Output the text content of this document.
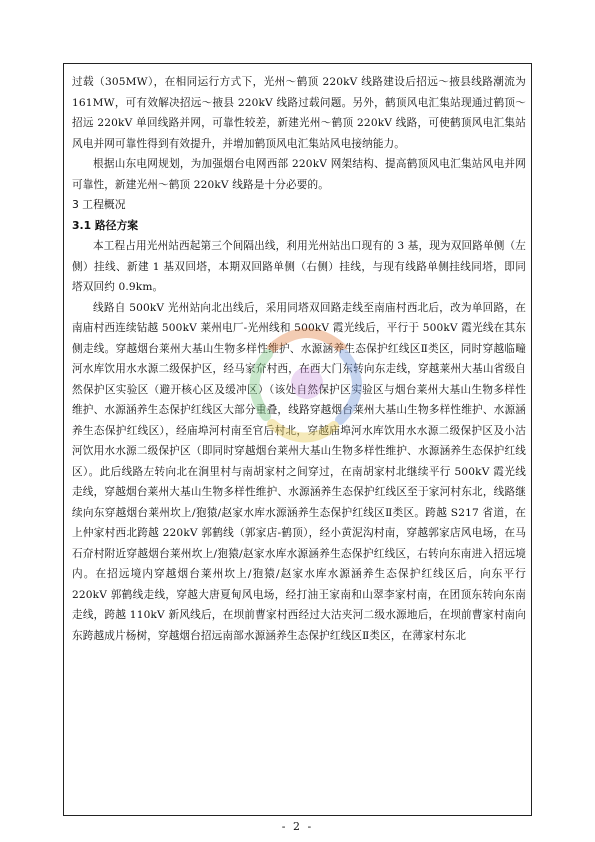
过载（305MW），在相同运行方式下，光州～鹤顶 220kV 线路建设后招远～掖县线路潮流为 161MW，可有效解决招远～掖县 220kV 线路过载问题。另外，鹤顶风电汇集站现通过鹤顶～招远 220kV 单回线路并网，可靠性较差，新建光州～鹤顶 220kV 线路，可使鹤顶风电汇集站风电并网可靠性得到有效提升，并增加鹤顶风电汇集站风电接纳能力。

根据山东电网规划，为加强烟台电网西部 220kV 网架结构、提高鹤顶风电汇集站风电并网可靠性，新建光州～鹤顶 220kV 线路是十分必要的。

3 工程概况

3.1 路径方案

本工程占用光州站西起第三个间隔出线，利用光州站出口现有的 3 基，现为双回路单侧（左侧）挂线、新建 1 基双回塔，本期双回路单侧（右侧）挂线，与现有线路单侧挂线同塔，即同塔双回约 0.9km。

线路自 500kV 光州站向北出线后，采用同塔双回路走线至南庙村西北后，改为单回路，在南庙村西连续钻越 500kV 莱州电厂-光州线和 500kV 霞光线后，平行于 500kV 霞光线在其东侧走线。穿越烟台莱州大基山生物多样性维护、水源涵养生态保护红线区Ⅱ类区，同时穿越临疃河水库饮用水水源二级保护区，经马家夼村西，在西大门东转向东走线，穿越莱州大基山省级自然保护区实验区（避开核心区及缓冲区）（该处自然保护区实验区与烟台莱州大基山生物多样性维护、水源涵养生态保护红线区大部分重叠，线路穿越烟台莱州大基山生物多样性维护、水源涵养生态保护红线区），经庙埠河村南至官后村北，穿越庙埠河水库饮用水水源二级保护区及小沽河饮用水水源二级保护区（即同时穿越烟台莱州大基山生物多样性维护、水源涵养生态保护红线区）。此后线路左转向北在涧里村与南胡家村之间穿过，在南胡家村北继续平行 500kV 霞光线走线，穿越烟台莱州大基山生物多样性维护、水源涵养生态保护红线区至于家河村东北，线路继续向东穿越烟台莱州坎上/狍猿/赵家水库水源涵养生态保护红线区Ⅱ类区。跨越 S217 省道，在上仲家村西北跨越 220kV 郭鹤线（郭家店-鹤顶），经小黄泥沟村南，穿越郭家店风电场，在马石夼村附近穿越烟台莱州坎上/狍猿/赵家水库水源涵养生态保护红线区，右转向东南进入招远境内。在招远境内穿越烟台莱州坎上/狍猿/赵家水库水源涵养生态保护红线区后，向东平行 220kV 郭鹤线走线，穿越大唐夏甸风电场，经打油王家南和山翠李家村南，在团顶东转向东南走线，跨越 110kV 新风线后，在坝前曹家村西经过大沽夹河二级水源地后，在坝前曹家村南向东跨越成片杨树，穿越烟台招远南部水源涵养生态保护红线区Ⅱ类区，在薄家村东北

- 2 -
